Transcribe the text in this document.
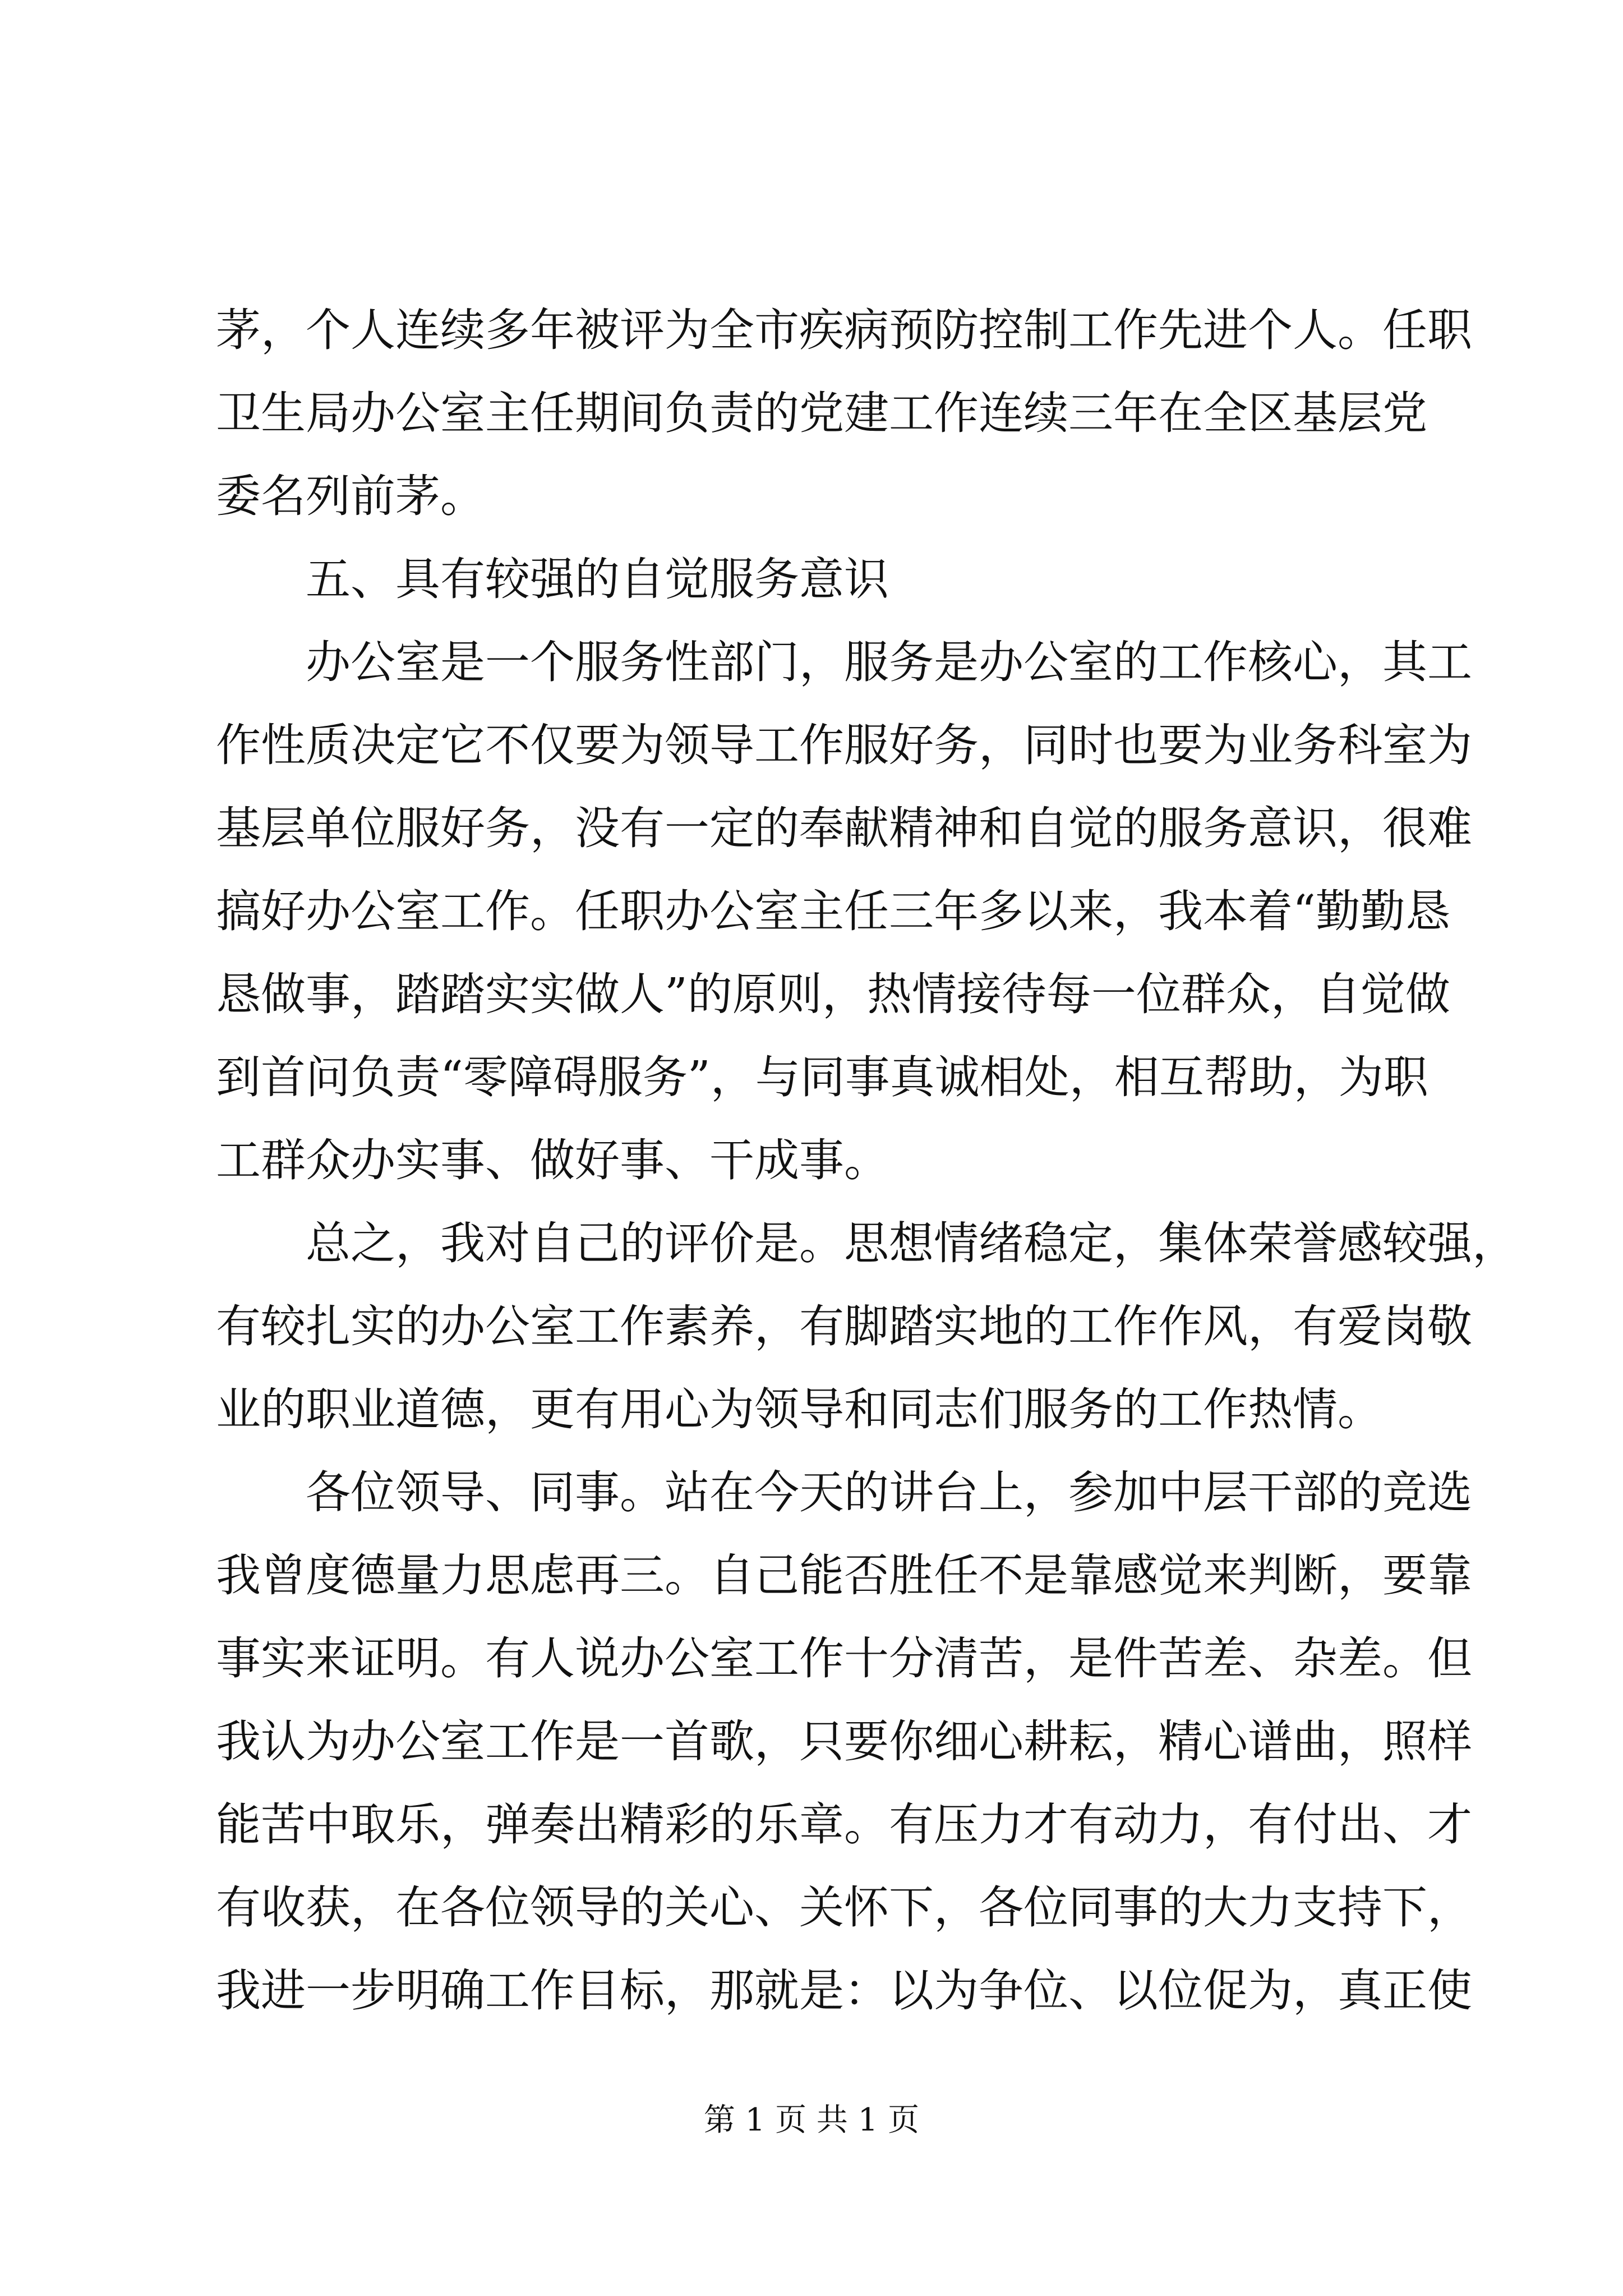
茅，个人连续多年被评为全市疾病预防控制工作先进个人。任职
卫生局办公室主任期间负责的党建工作连续三年在全区基层党
委名列前茅。
五、具有较强的自觉服务意识
办公室是一个服务性部门，服务是办公室的工作核心，其工
作性质决定它不仅要为领导工作服好务，同时也要为业务科室为
基层单位服好务，没有一定的奉献精神和自觉的服务意识，很难
搞好办公室工作。任职办公室主任三年多以来，我本着“勤勤恳
恳做事，踏踏实实做人”的原则，热情接待每一位群众，自觉做
到首问负责“零障碍服务”，与同事真诚相处，相互帮助，为职
工群众办实事、做好事、干成事。
总之，我对自己的评价是。思想情绪稳定，集体荣誉感较强，
有较扎实的办公室工作素养，有脚踏实地的工作作风，有爱岗敬
业的职业道德，更有用心为领导和同志们服务的工作热情。
各位领导、同事。站在今天的讲台上，参加中层干部的竞选
我曾度德量力思虑再三。自己能否胜任不是靠感觉来判断，要靠
事实来证明。有人说办公室工作十分清苦，是件苦差、杂差。但
我认为办公室工作是一首歌，只要你细心耕耘，精心谱曲，照样
能苦中取乐，弹奏出精彩的乐章。有压力才有动力，有付出、才
有收获，在各位领导的关心、关怀下，各位同事的大力支持下，
我进一步明确工作目标，那就是：以为争位、以位促为，真正使
第 1 页 共 1 页
